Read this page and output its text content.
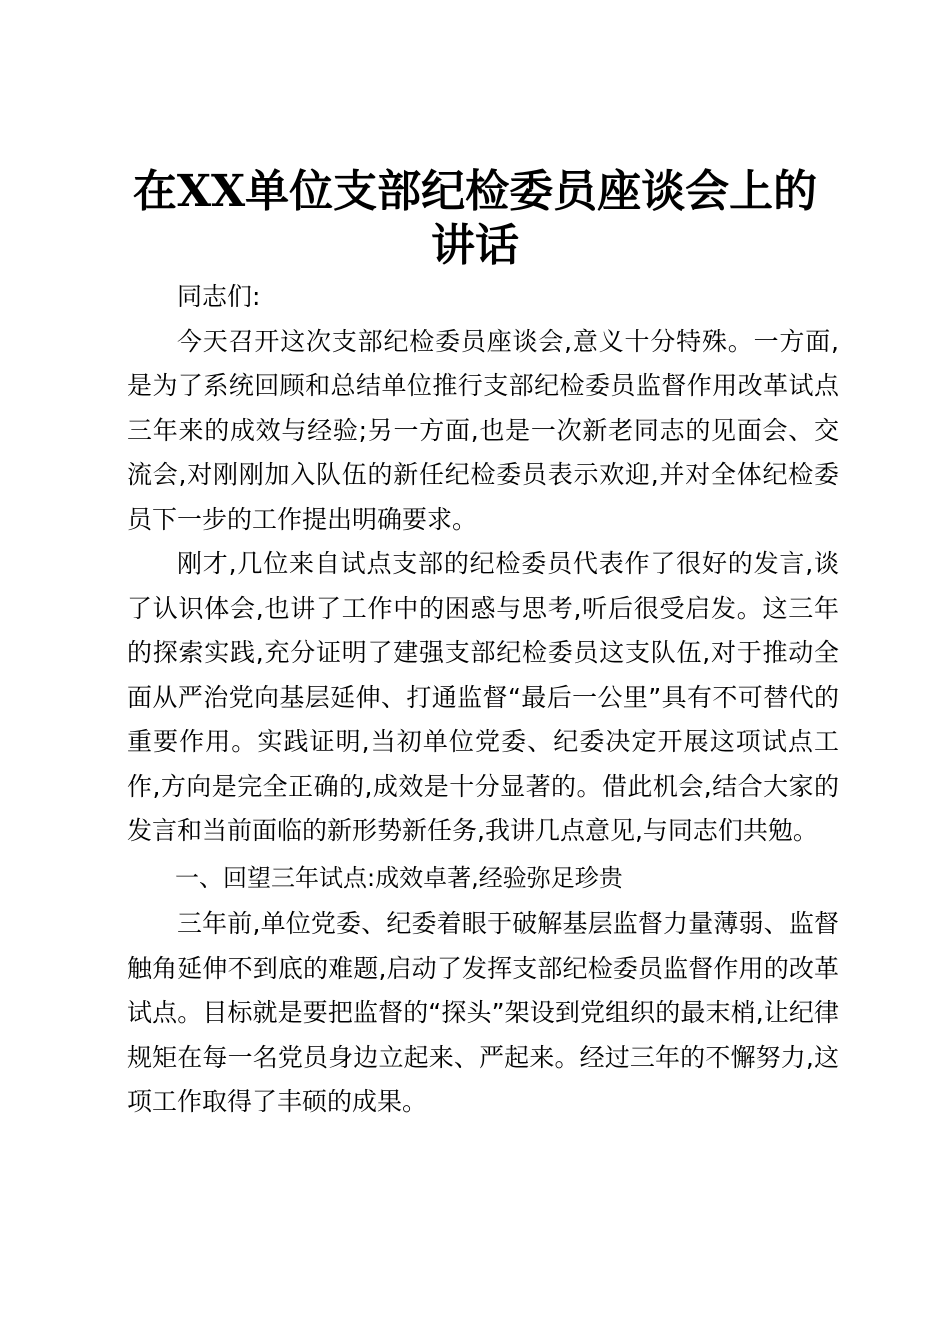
在XX单位支部纪检委员座谈会上的讲话

同志们:

今天召开这次支部纪检委员座谈会,意义十分特殊。一方面,是为了系统回顾和总结单位推行支部纪检委员监督作用改革试点三年来的成效与经验;另一方面,也是一次新老同志的见面会、交流会,对刚刚加入队伍的新任纪检委员表示欢迎,并对全体纪检委员下一步的工作提出明确要求。

刚才,几位来自试点支部的纪检委员代表作了很好的发言,谈了认识体会,也讲了工作中的困惑与思考,听后很受启发。这三年的探索实践,充分证明了建强支部纪检委员这支队伍,对于推动全面从严治党向基层延伸、打通监督“最后一公里”具有不可替代的重要作用。实践证明,当初单位党委、纪委决定开展这项试点工作,方向是完全正确的,成效是十分显著的。借此机会,结合大家的发言和当前面临的新形势新任务,我讲几点意见,与同志们共勉。

一、回望三年试点:成效卓著,经验弥足珍贵

三年前,单位党委、纪委着眼于破解基层监督力量薄弱、监督触角延伸不到底的难题,启动了发挥支部纪检委员监督作用的改革试点。目标就是要把监督的“探头”架设到党组织的最末梢,让纪律规矩在每一名党员身边立起来、严起来。经过三年的不懈努力,这项工作取得了丰硕的成果。
